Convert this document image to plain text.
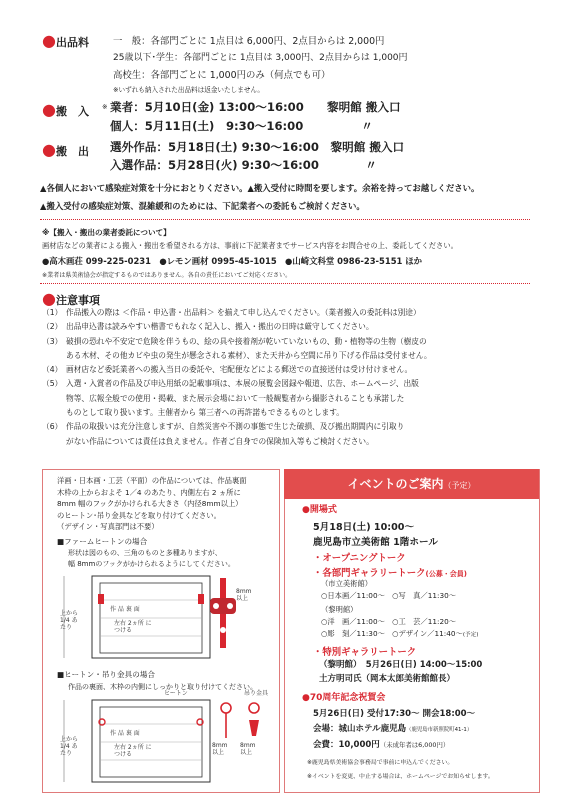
●出品料	一　般：各部門ごとに 1点目は 6,000円、2点目からは 2,000円
25歳以下･学生：各部門ごとに 1点目は 3,000円、2点目からは 1,000円
高校生：各部門ごとに 1,000円のみ（何点でも可）
※いずれも納入された出品料は返金いたしません。
●搬　入 ※ 業者：5月10日(金) 13:00〜16:00　　黎明館 搬入口
個人：5月11日(土)　9:30〜16:00　　　　　〃
●搬　出 選外作品：5月18日(土) 9:30〜16:00　黎明館 搬入口
入選作品：5月28日(火) 9:30〜16:00　　　　〃
▲各個人において感染症対策を十分におとりください。▲搬入受付に時間を要します。余裕を持ってお越しください。
▲搬入受付の感染症対策、混雑緩和のためには、下記業者への委託もご検討ください。
※【搬入・搬出の業者委託について】
画材店などの業者による搬入・搬出を希望される方は、事前に下記業者までサービス内容をお問合せの上、委託してください。
●高木画荘 099-225-0231　●レモン画材 0995-45-1015　●山崎文科堂 0986-23-5151 ほか
※業者は県美術協会が指定するものではありません。各自の責任においてご対応ください。
●注意事項
（1） 作品搬入の際は ＜作品・申込書・出品料＞ を揃えて申し込んでください。（業者搬入の委託料は別途）
（2） 出品申込書は読みやすい楷書でもれなく記入し、搬入・搬出の日時は厳守してください。
（3） 破損の恐れや不安定で危険を伴うもの、絵の具や接着剤が乾いていないもの、動・植物等の生物（樹皮の
ある木材、その他カビや虫の発生が懸念される素材）、また天井から空間に吊り下げる作品は受付ません。
（4） 画材店など委託業者への搬入当日の委託や、宅配便などによる郵送での直接送付は受け付けません。
（5） 入選・入賞者の作品及び申込用紙の記載事項は、本展の展覧会図録や報道、広告、ホームページ、出版
物等、広報全般での使用・掲載、また展示会場において一般観覧者から撮影されることも承諾した
ものとして取り扱います。主催者から 第三者への再許諾もできるものとします。
（6） 作品の取扱いは充分注意しますが、自然災害や不測の事態で生じた破損、及び搬出期間内に引取り
がない作品については責任は負えません。作者ご自身での保険加入等もご検討ください。
洋画・日本画・工芸（平面）の作品については、作品裏面
木枠の上からおよそ 1／4 のあたり、内側左右 2 ヵ所に
8mm 幅のフックがかけられる大きさ（内径8mm以上）
のヒートン･吊り金具などを取り付けてください。
（デザイン・写真部門は不要）
■ファームヒートンの場合
形状は図のもの、三角のものと多種ありますが、
幅 8mmのフックがかけられるようにしてください。
上から 1/4 あたり
作 品 裏 面
左右 2ヵ所 につける
8mm 以上
■ヒートン・吊り金具の場合
作品の裏面、木枠の内側にしっかりと取り付けてください。
ヒートン	吊り金具
上から 1/4 あたり
作 品 裏 面
左右 2ヵ所 につける
8mm 以上
8mm 以上
イベントのご案内（予定）
●開場式
5月18日(土) 10:00〜
鹿児島市立美術館 1階ホール
・オープニングトーク
・各部門ギャラリートーク(公募・会員)
（市立美術館）
○日本画／11:00〜　○写　真／11:30〜
（黎明館）
○洋　画／11:00〜　○工　芸／11:20〜
○彫　刻／11:30〜　○デザイン／11:40〜(予定)
・特別ギャラリートーク
（黎明館）　5月26日(日) 14:00〜15:00
土方明司氏（岡本太郎美術館館長）
●70周年記念祝賀会
5月26日(日) 受付17:30〜 開会18:00〜
会場：城山ホテル鹿児島（鹿児島市新照院町41-1）
会費：10,000円（未成年者は6,000円）
※鹿児島県美術協会事務局で事前に申込んでください。
※イベントを変更、中止する場合は、ホームページでお知らせします。
